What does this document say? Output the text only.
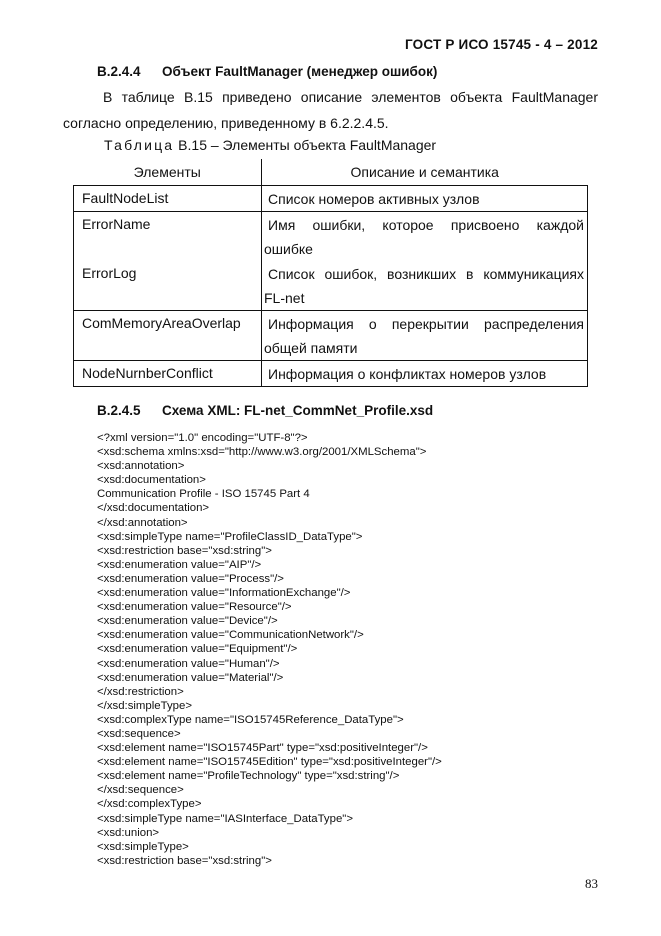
ГОСТ Р ИСО 15745 - 4 – 2012
B.2.4.4 Объект FaultManager (менеджер ошибок)
В таблице B.15 приведено описание элементов объекта FaultManager
согласно определению, приведенному в 6.2.2.4.5.
Таблица B.15 – Элементы объекта FaultManager
Элементы	Описание и семантика
FaultNodeList	Список номеров активных узлов

ErrorName	Имя ошибки, которое присвоено каждой
ошибке

ErrorLog	Список ошибок, возникших в коммуникациях
FL-net

ComMemoryAreaOverlap	Информация о перекрытии распределения
общей памяти

NodeNurnberConflict	Информация о конфликтах номеров узлов
B.2.4.5 Схема XML: FL-net_CommNet_Profile.xsd
<?xml version="1.0" encoding="UTF-8"?>
<xsd:schema xmlns:xsd="http://www.w3.org/2001/XMLSchema">
<xsd:annotation>
<xsd:documentation>
Communication Profile - ISO 15745 Part 4
</xsd:documentation>
</xsd:annotation>
<xsd:simpleType name="ProfileClassID_DataType">
<xsd:restriction base="xsd:string">
<xsd:enumeration value="AIP"/>
<xsd:enumeration value="Process"/>
<xsd:enumeration value="InformationExchange"/>
<xsd:enumeration value="Resource"/>
<xsd:enumeration value="Device"/>
<xsd:enumeration value="CommunicationNetwork"/>
<xsd:enumeration value="Equipment"/>
<xsd:enumeration value="Human"/>
<xsd:enumeration value="Material"/>
</xsd:restriction>
</xsd:simpleType>
<xsd:complexType name="ISO15745Reference_DataType">
<xsd:sequence>
<xsd:element name="ISO15745Part" type="xsd:positiveInteger"/>
<xsd:element name="ISO15745Edition" type="xsd:positiveInteger"/>
<xsd:element name="ProfileTechnology" type="xsd:string"/>
</xsd:sequence>
</xsd:complexType>
<xsd:simpleType name="IASInterface_DataType">
<xsd:union>
<xsd:simpleType>
<xsd:restriction base="xsd:string">
83
